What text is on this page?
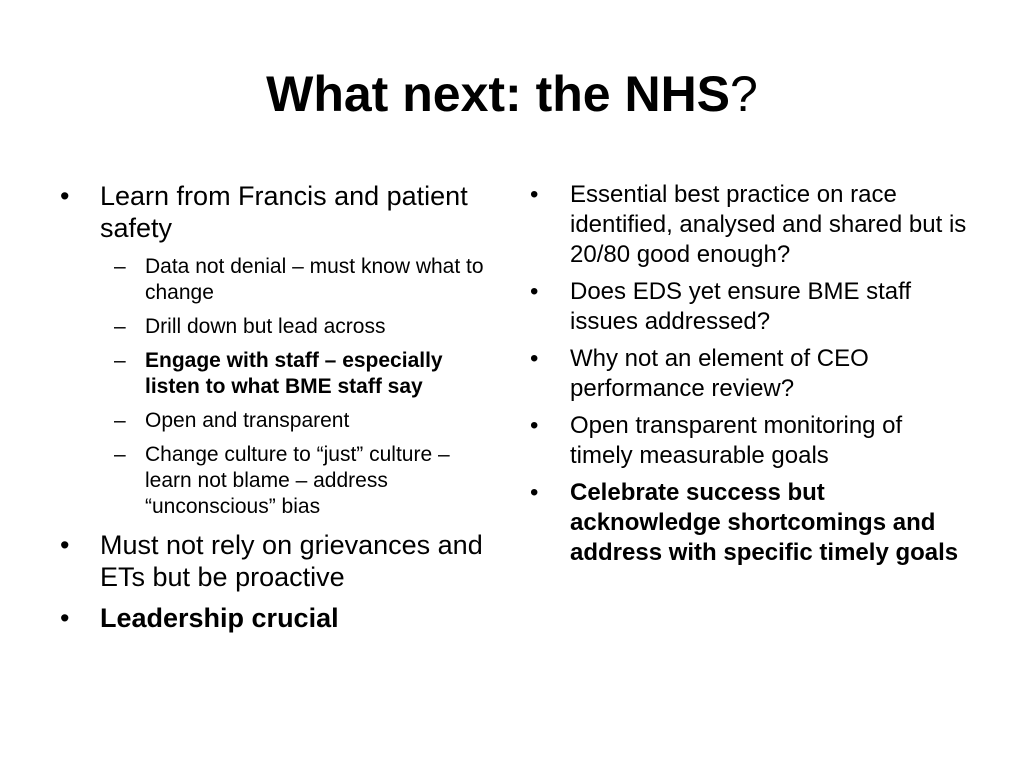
What next: the NHS?
• Learn from Francis and patient safety
– Data not denial – must know what to change
– Drill down but lead across
– Engage with staff – especially listen to what BME staff say
– Open and transparent
– Change culture to “just” culture – learn not blame – address “unconscious” bias
• Must not rely on grievances and ETs but be proactive
• Leadership crucial
• Essential best practice on race identified, analysed and shared but is 20/80 good enough?
• Does EDS yet ensure BME staff issues addressed?
• Why not an element of CEO performance review?
• Open transparent monitoring of timely measurable goals
• Celebrate success but acknowledge shortcomings and address with specific timely goals
